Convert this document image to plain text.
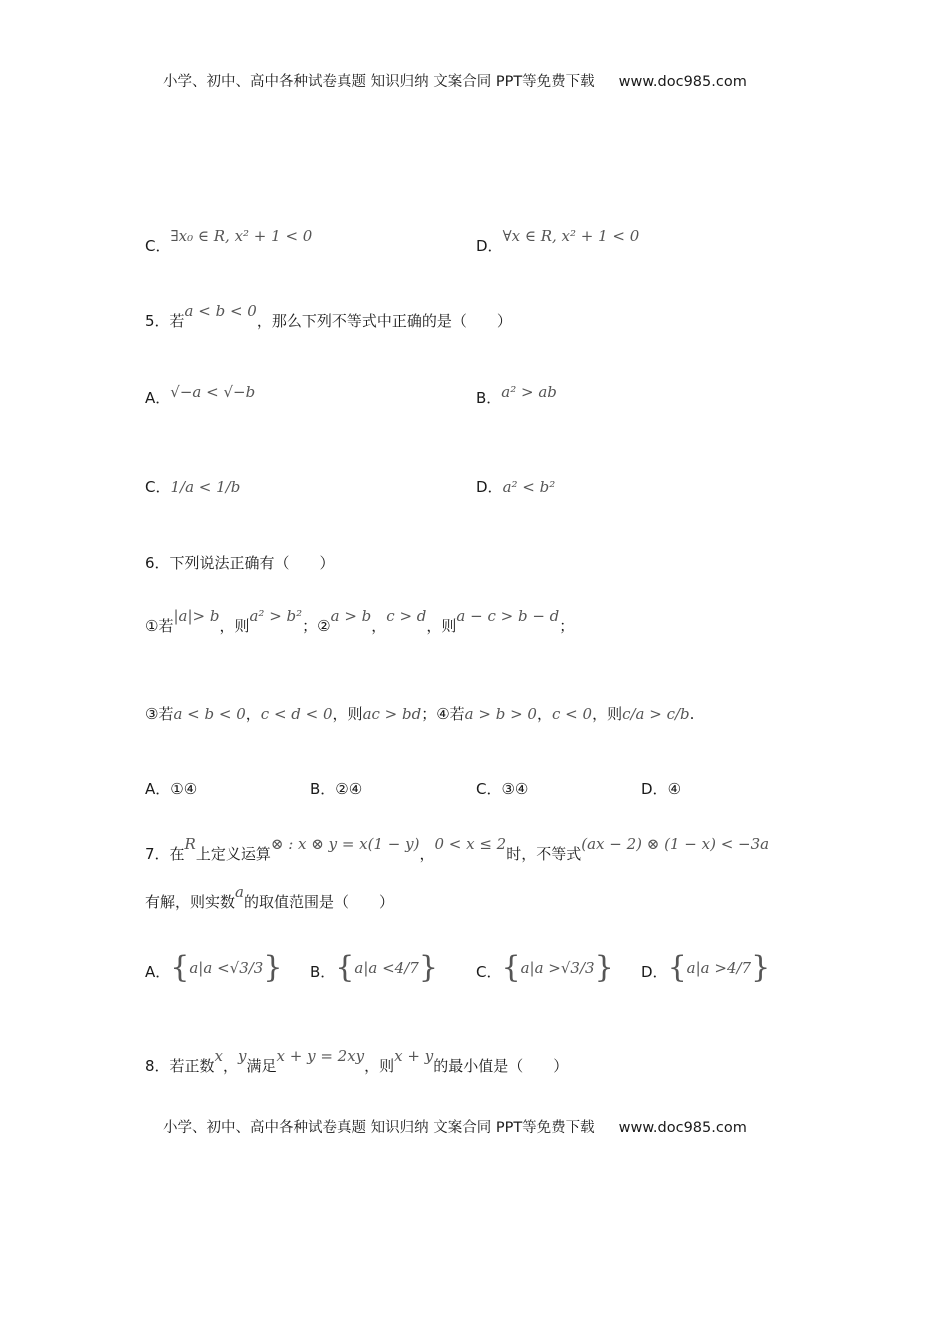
小学、初中、高中各种试卷真题 知识归纳 文案合同 PPT等免费下载 www.doc985.com
C．∃x₀ ∈ R, x² + 1 < 0
D．∀x ∈ R, x² + 1 < 0
5．若a < b < 0，那么下列不等式中正确的是（　　）
A．√−a < √−b	B．a² > ab
C．1/a < 1/b	D．a² < b²
6．下列说法正确有（　　）
①若|a|> b，则a² > b²；②a > b，c > d，则a − c > b − d；
③若a < b < 0，c < d < 0，则ac > bd；④若a > b > 0，c < 0，则c/a > c/b.
A．①④	B．②④	C．③④	D．④
7．在R上定义运算⊗ : x ⊗ y = x(1 − y)，0 < x ≤ 2时，不等式(ax − 2) ⊗ (1 − x) < −3a
有解，则实数a的取值范围是（　　）
A． { a|a < √3/3 } B． { a|a < 4/7 }	C． { a|a > √3/3 } D． { a|a > 4/7 }
8．若正数x，y满足x + y = 2xy，则x + y的最小值是（　　）
小学、初中、高中各种试卷真题 知识归纳 文案合同 PPT等免费下载 www.doc985.com
